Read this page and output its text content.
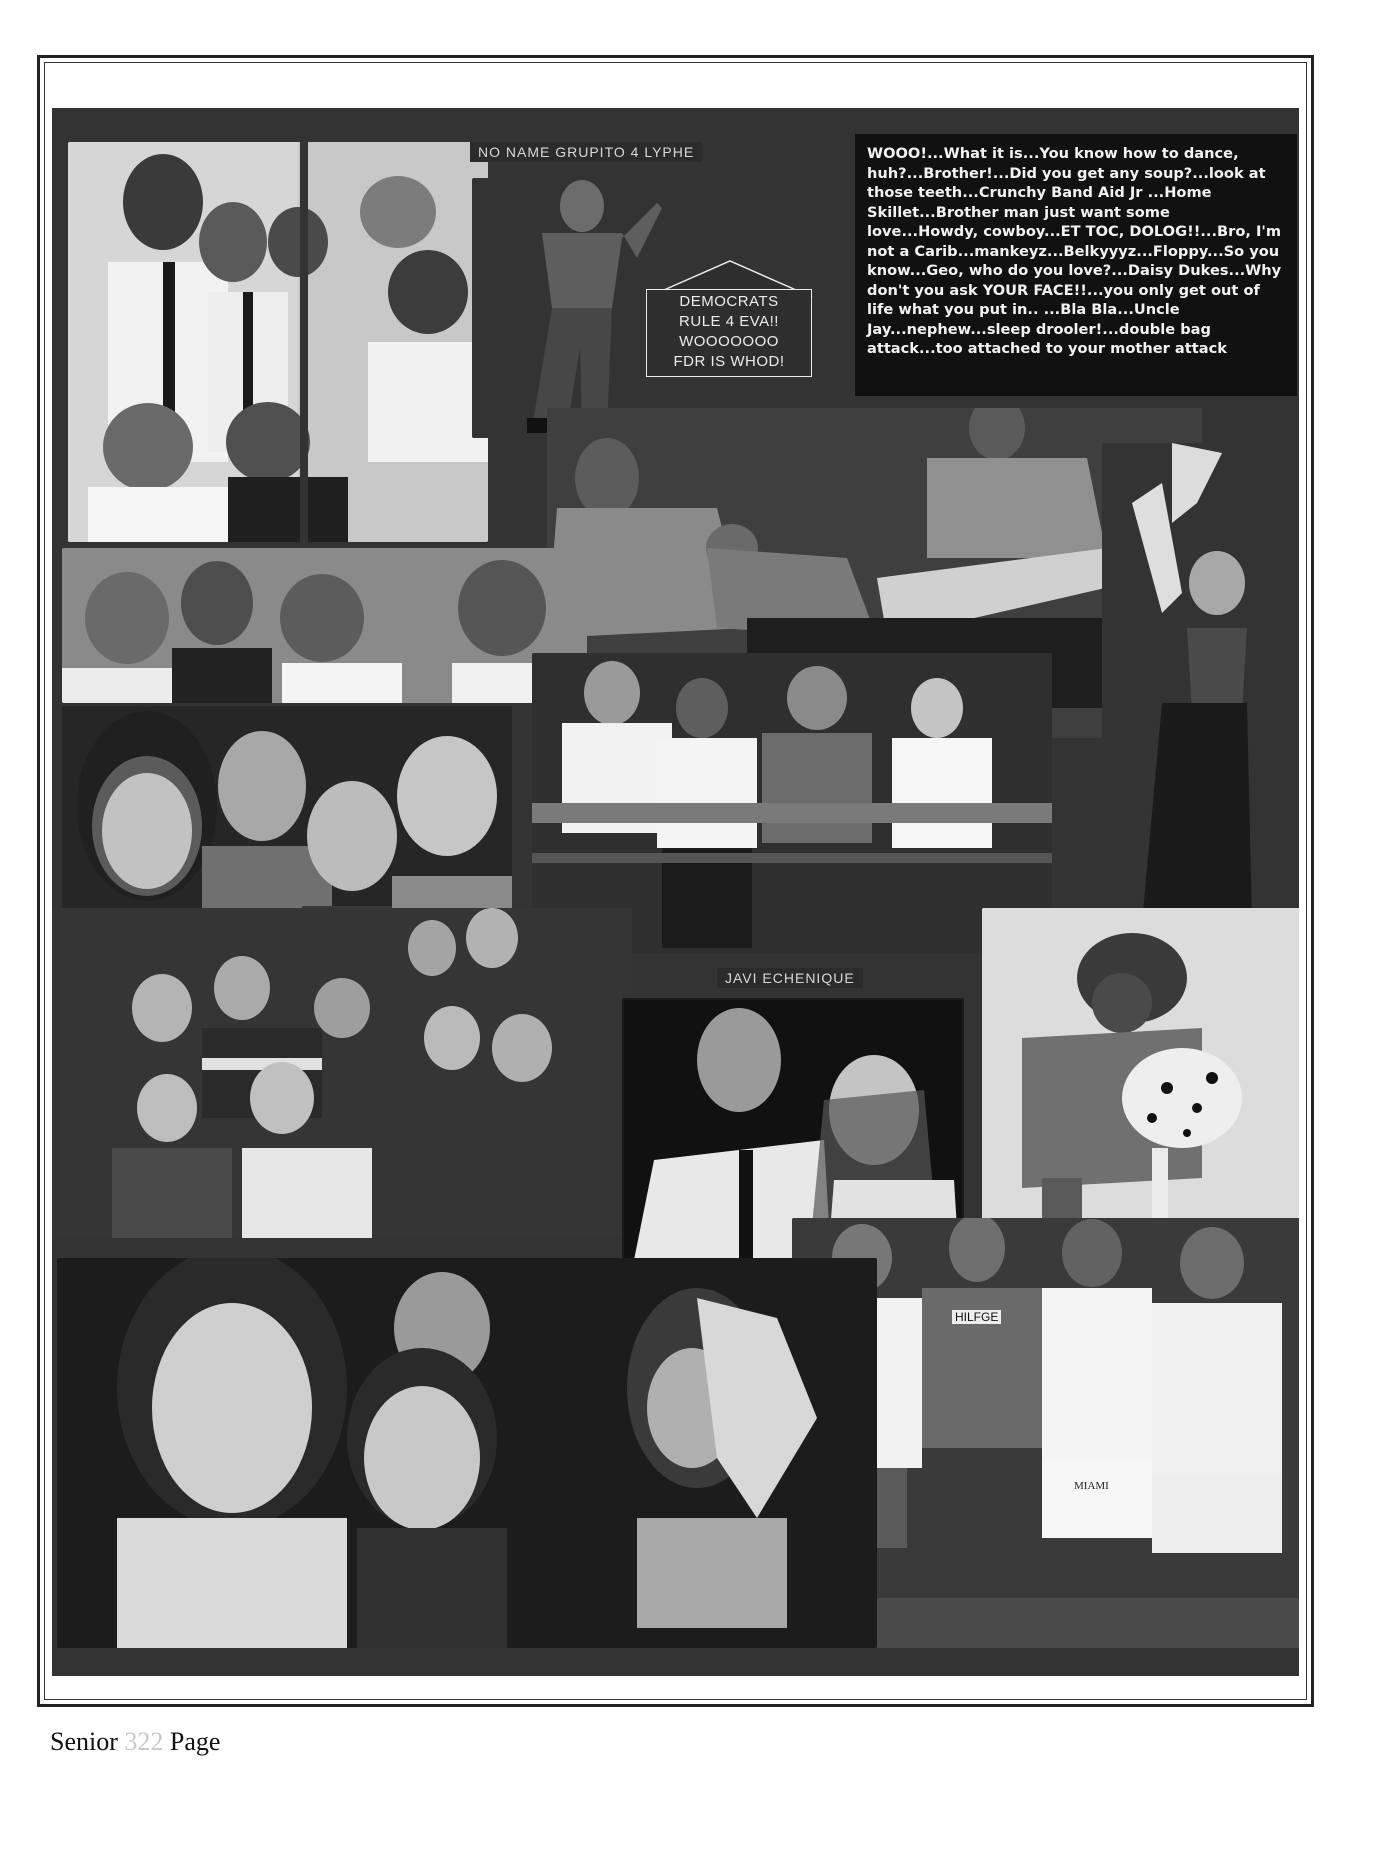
NO NAME GRUPITO 4 LYPHE
DEMOCRATS
RULE 4 EVA!!
WOOOOOOO
FDR IS WHOD!
WOOO!...What it is...You know how to dance, huh?...Brother!...Did you get any soup?...look at those teeth...Crunchy Band Aid Jr ...Home Skillet...Brother man just want some love...Howdy, cowboy...ET TOC, DOLOG!!...Bro, I'm not a Carib...mankeyz...Belkyyyz...Floppy...So you know...Geo, who do you love?...Daisy Dukes...Why don't you ask YOUR FACE!!...you only get out of life what you put in.. ...Bla Bla...Uncle Jay...nephew...sleep drooler!...double bag attack...too attached to your mother attack
JAVI ECHENIQUE
HILFGE
MIAMI
Senior 322 Page
